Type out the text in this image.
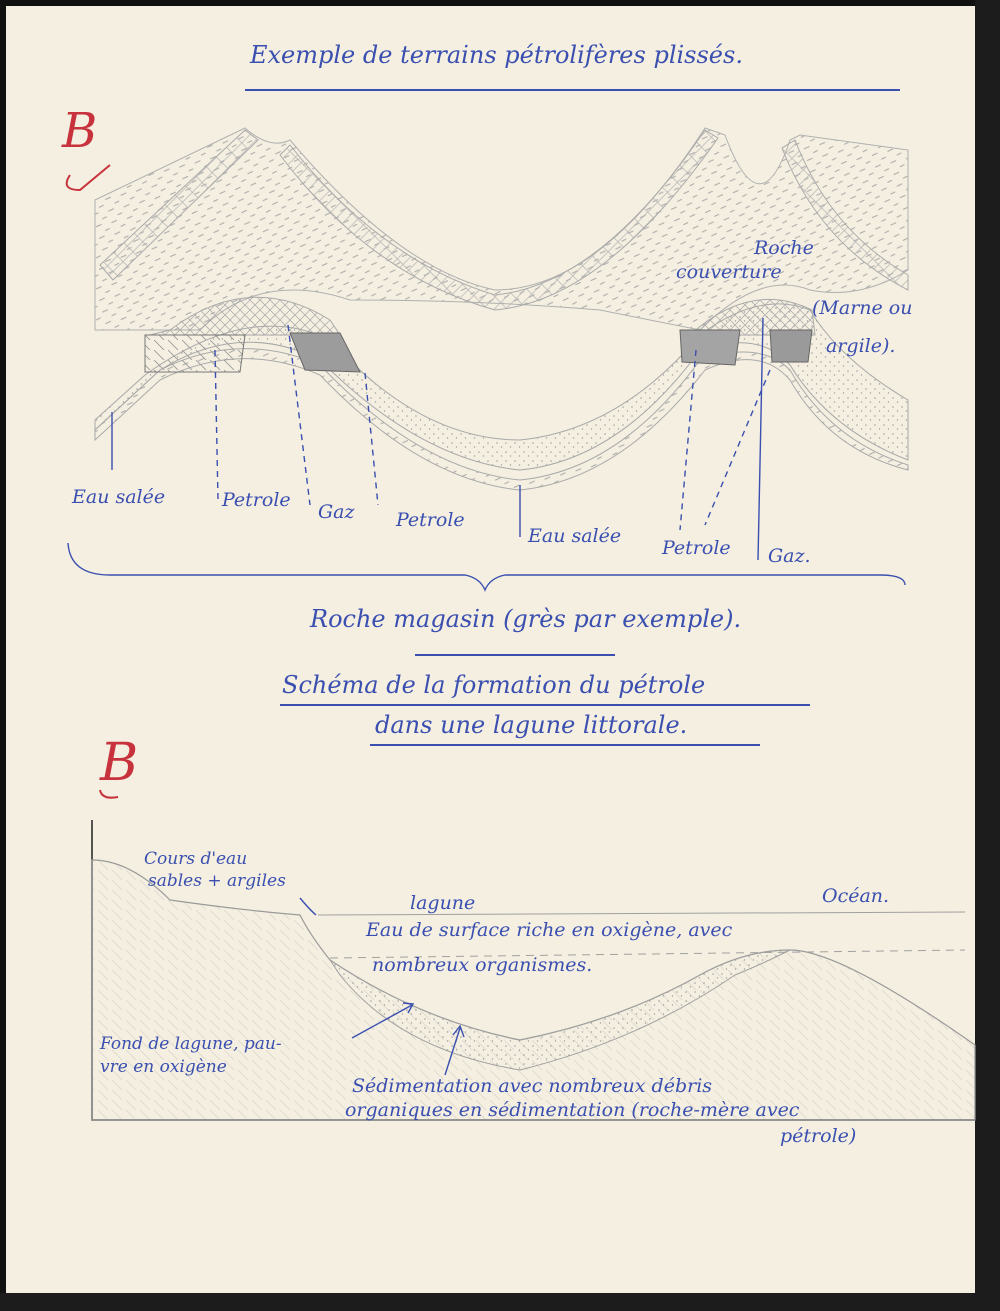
B
Exemple de terrains pétrolifères plissés.
Roche
couverture
(Marne ou
argile).
Eau salée	Petrole
Gaz Petrole
Eau salée
Petrole Gaz.
Roche magasin (grès par exemple).
Schéma de la formation du pétrole
dans une lagune littorale.
B
Cours d'eau
sables + argiles
lagune	Océan.
Eau de surface riche en oxigène, avec
nombreux organismes.
Fond de lagune, pau-
vre en oxigène
Sédimentation avec nombreux débris
organiques en sédimentation (roche-mère avec
pétrole)
